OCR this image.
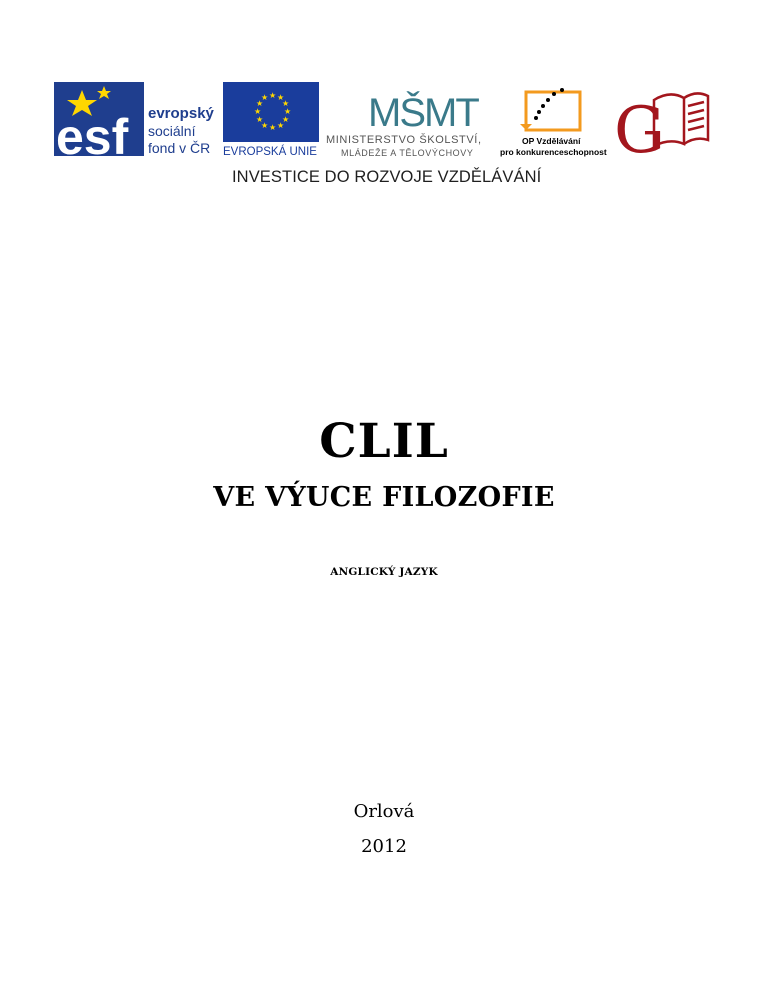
esf evropský
sociální
fond v ČR
★ ★
★
★
★
★
★
★
★
★
★
★
EVROPSKÁ UNIE
MŠMT
MINISTERSTVO ŠKOLSTVÍ,
MLÁDEŽE A TĚLOVÝCHOVY
OP Vzdělávání
pro konkurenceschopnost G
INVESTICE DO ROZVOJE VZDĚLÁVÁNÍ
CLIL
VE VÝUCE FILOZOFIE
ANGLICKÝ JAZYK
Orlová
2012
